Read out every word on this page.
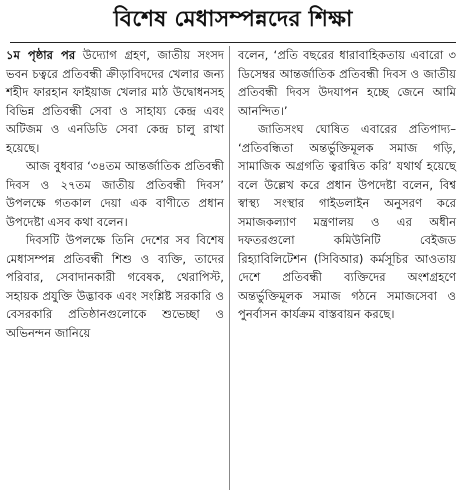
বিশেষ মেধাসম্পন্নদের শিক্ষা

১ম পৃষ্ঠার পর উদ্যোগ গ্রহণ, জাতীয় সংসদ ভবন চত্বরে প্রতিবন্ধী ক্রীড়াবিদদের খেলার জন্য শহীদ ফারহান ফাইয়াজ খেলার মাঠ উদ্বোধনসহ বিভিন্ন প্রতিবন্ধী সেবা ও সাহায্য কেন্দ্র এবং অটিজম ও এনডিডি সেবা কেন্দ্র চালু রাখা হয়েছে।

আজ বুধবার ‘৩৪তম আন্তর্জাতিক প্রতিবন্ধী দিবস ও ২৭তম জাতীয় প্রতিবন্ধী দিবস’ উপলক্ষে গতকাল দেয়া এক বাণীতে প্রধান উপদেষ্টা এসব কথা বলেন।

দিবসটি উপলক্ষে তিনি দেশের সব বিশেষ মেধাসম্পন্ন প্রতিবন্ধী শিশু ও ব্যক্তি, তাদের পরিবার, সেবাদানকারী গবেষক, থেরাপিস্ট, সহায়ক প্রযুক্তি উদ্ভাবক এবং সংশ্লিষ্ট সরকারি ও বেসরকারি প্রতিষ্ঠানগুলোকে শুভেচ্ছা ও অভিনন্দন জানিয়ে

বলেন, ‘প্রতি বছরের ধারাবাহিকতায় এবারো ৩ ডিসেম্বর আন্তর্জাতিক প্রতিবন্ধী দিবস ও জাতীয় প্রতিবন্ধী দিবস উদযাপন হচ্ছে জেনে আমি আনন্দিত।’

জাতিসংঘ ঘোষিত এবারের প্রতিপাদ্য– ‘প্রতিবন্ধিতা অন্তর্ভুক্তিমূলক সমাজ গড়ি, সামাজিক অগ্রগতি ত্বরান্বিত করি’ যথার্থ হয়েছে বলে উল্লেখ করে প্রধান উপদেষ্টা বলেন, বিশ্ব স্বাস্থ্য সংস্থার গাইডলাইন অনুসরণ করে সমাজকল্যাণ মন্ত্রণালয় ও এর অধীন দফতরগুলো কমিউনিটি বেইজড রিহ্যাবিলিটেশন (সিবিআর) কর্মসূচির আওতায় দেশে প্রতিবন্ধী ব্যক্তিদের অংশগ্রহণে অন্তর্ভুক্তিমূলক সমাজ গঠনে সমাজসেবা ও পুনর্বাসন কার্যক্রম বাস্তবায়ন করছে।
